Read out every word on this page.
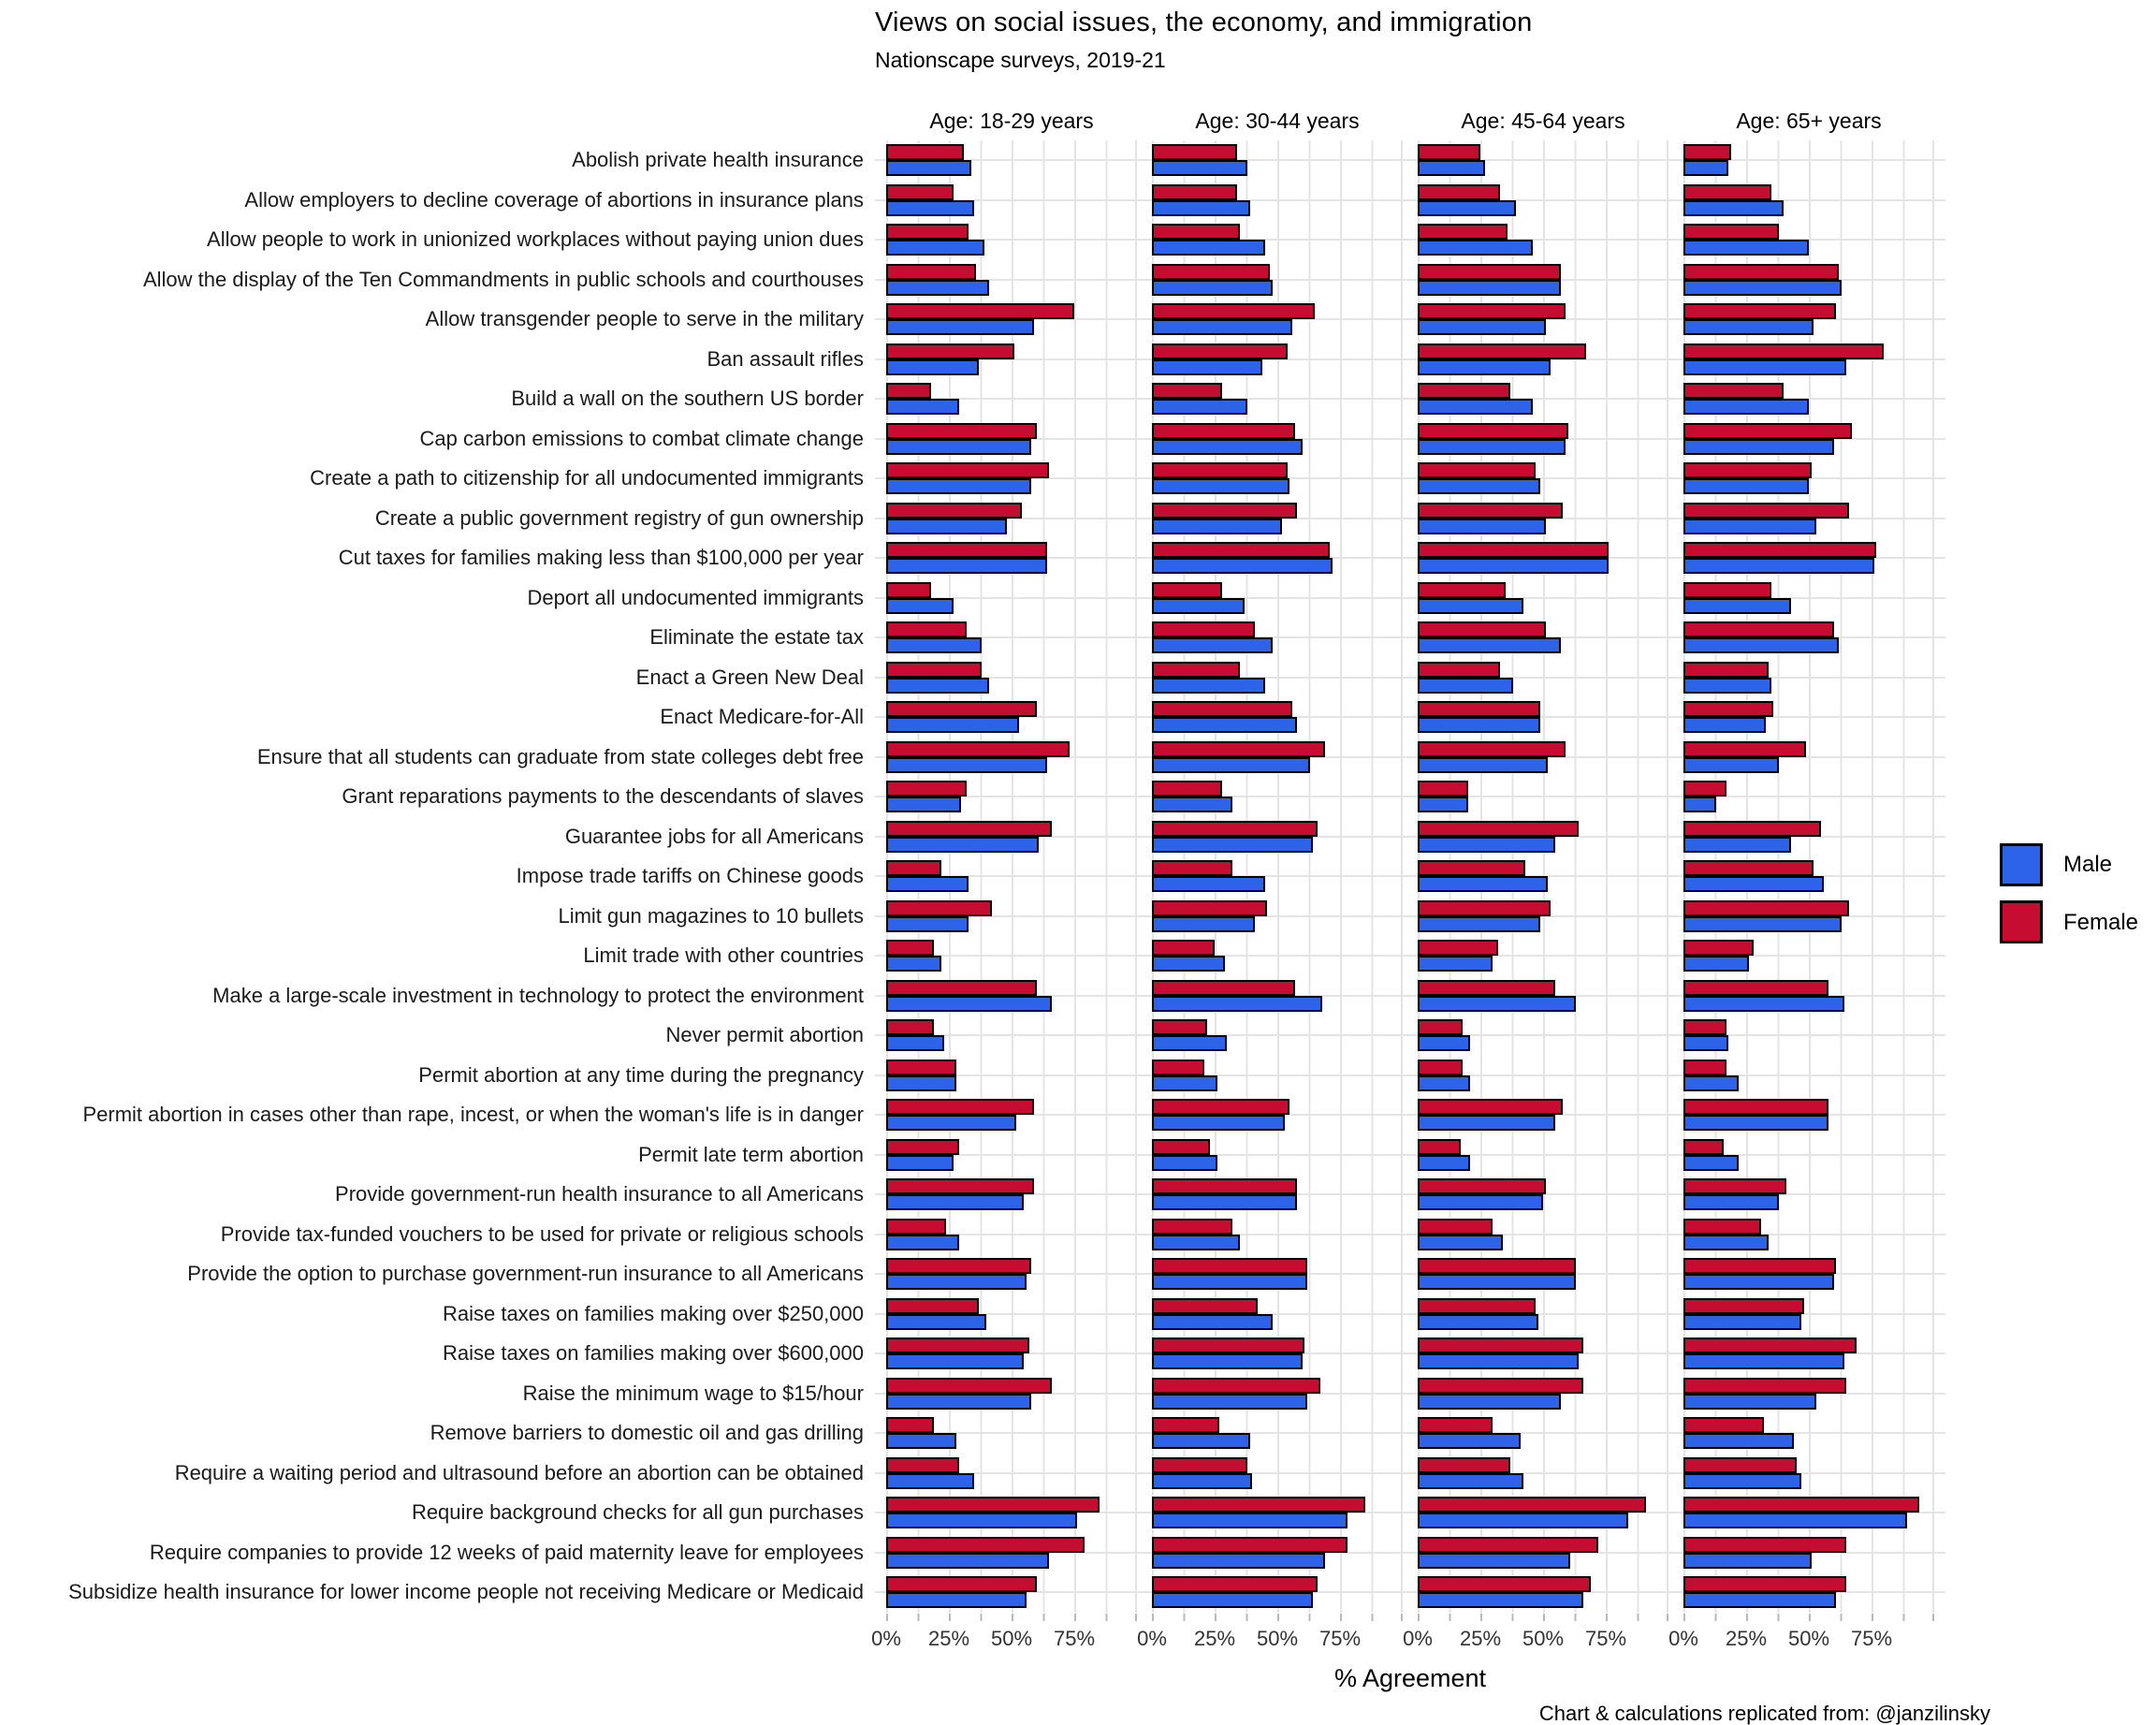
Views on social issues, the economy, and immigration
Nationscape surveys, 2019-21
Age: 18-29 years	Age: 30-44 years	Age: 45-64 years	Age: 65+ years
Abolish private health insurance
Allow employers to decline coverage of abortions in insurance plans
Allow people to work in unionized workplaces without paying union dues
Allow the display of the Ten Commandments in public schools and courthouses
Allow transgender people to serve in the military
Ban assault rifles
Build a wall on the southern US border
Cap carbon emissions to combat climate change
Create a path to citizenship for all undocumented immigrants
Create a public government registry of gun ownership
Cut taxes for families making less than $100,000 per year
Deport all undocumented immigrants
Eliminate the estate tax
Enact a Green New Deal
Enact Medicare-for-All
Ensure that all students can graduate from state colleges debt free
Grant reparations payments to the descendants of slaves
Guarantee jobs for all Americans
Impose trade tariffs on Chinese goods
Limit gun magazines to 10 bullets
Limit trade with other countries
Make a large-scale investment in technology to protect the environment
Never permit abortion
Permit abortion at any time during the pregnancy
Permit abortion in cases other than rape, incest, or when the woman's life is in danger
Permit late term abortion
Provide government-run health insurance to all Americans
Provide tax-funded vouchers to be used for private or religious schools
Provide the option to purchase government-run insurance to all Americans
Raise taxes on families making over $250,000
Raise taxes on families making over $600,000
Raise the minimum wage to $15/hour
Remove barriers to domestic oil and gas drilling
Require a waiting period and ultrasound before an abortion can be obtained
Require background checks for all gun purchases
Require companies to provide 12 weeks of paid maternity leave for employees
Subsidize health insurance for lower income people not receiving Medicare or Medicaid
0% 25% 50% 75% 0% 25% 50% 75% 0% 25% 50% 75% 0% 25% 50% 75%
% Agreement
Chart & calculations replicated from: @janzilinsky
Male
Female
